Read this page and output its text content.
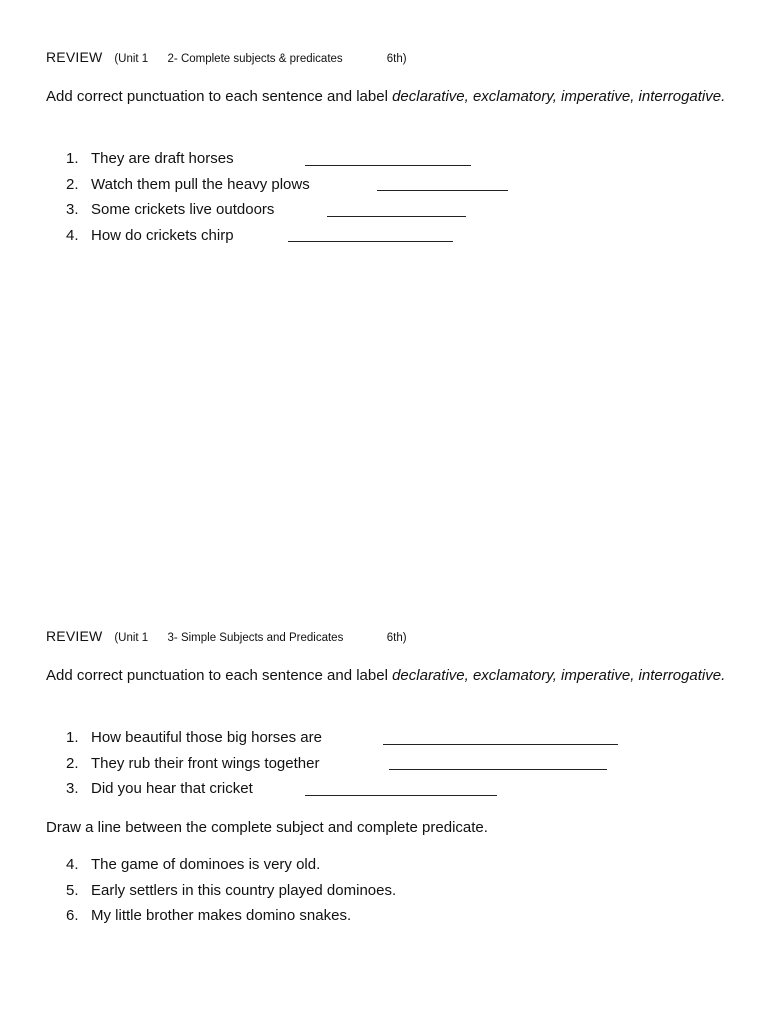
REVIEW (Unit 1 2- Complete subjects & predicates	6th)
Add correct punctuation to each sentence and label declarative, exclamatory, imperative, interrogative.
1. They are draft horses
2. Watch them pull the heavy plows
3. Some crickets live outdoors
4. How do crickets chirp
REVIEW (Unit 1 3- Simple Subjects and Predicates	6th)
Add correct punctuation to each sentence and label declarative, exclamatory, imperative, interrogative.
1. How beautiful those big horses are
2. They rub their front wings together
3. Did you hear that cricket
Draw a line between the complete subject and complete predicate.
4. The game of dominoes is very old.
5. Early settlers in this country played dominoes.
6. My little brother makes domino snakes.
